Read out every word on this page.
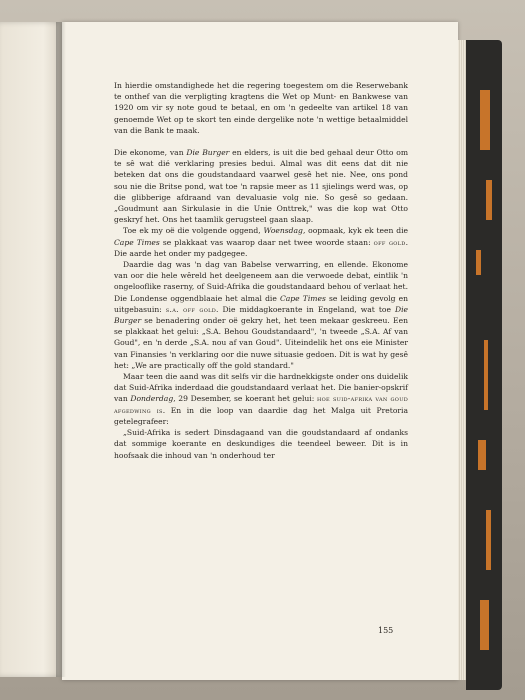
In hierdie omstandighede het die regering toegestem om die Reserwebank te onthef van die verpligting kragtens die Wet op Munt- en Bankwese van 1920 om vir sy note goud te betaal, en om 'n gedeelte van artikel 18 van genoemde Wet op te skort ten einde dergelike note 'n wettige betaalmiddel van die Bank te maak.

Die ekonome, van Die Burger en elders, is uit die bed gehaal deur Otto om te sê wat dié verklaring presies bedui. Almal was dit eens dat dit nie beteken dat ons die goudstandaard vaarwel gesê het nie. Nee, ons pond sou nie die Britse pond, wat toe 'n rapsie meer as 11 sjielings werd was, op die glibberige afdraand van devaluasie volg nie. So gesê so gedaan. „Goudmunt aan Sirkulasie in die Unie Onttrek," was die kop wat Otto geskryf het. Ons het taamlik gerugsteel gaan slaap.

Toe ek my oë die volgende oggend, Woensdag, oopmaak, kyk ek teen die Cape Times se plakkaat vas waarop daar net twee woorde staan: off gold. Die aarde het onder my padgegee.

Daardie dag was 'n dag van Babelse verwarring, en ellende. Ekonome van oor die hele wêreld het deelgeneem aan die verwoede debat, eintlik 'n ongelooflike raserny, of Suid-Afrika die goudstandaard behou of verlaat het. Die Londense oggendblaaie het almal die Cape Times se leiding gevolg en uitgebasuin: s.a. off gold. Die middagkoerante in Engeland, wat toe Die Burger se benadering onder oë gekry het, het teen mekaar geskreeu. Een se plakkaat het gelui: „S.A. Behou Goudstandaard", 'n tweede „S.A. Af van Goud", en 'n derde „S.A. nou af van Goud". Uiteindelik het ons eie Minister van Finansies 'n verklaring oor die nuwe situasie gedoen. Dit is wat hy gesê het: „We are practically off the gold standard."

Maar teen die aand was dit selfs vir die hardnekkigste onder ons duidelik dat Suid-Afrika inderdaad die goudstandaard verlaat het. Die banier-opskrif van Donderdag, 29 Desember, se koerant het gelui: hoe suid-afrika van goud afgedwing is. En in die loop van daardie dag het Malga uit Pretoria getelegrafeer:

„Suid-Afrika is sedert Dinsdagaand van die goudstandaard af ondanks dat sommige koerante en deskundiges die teendeel beweer. Dit is in hoofsaak die inhoud van 'n onderhoud ter

155
